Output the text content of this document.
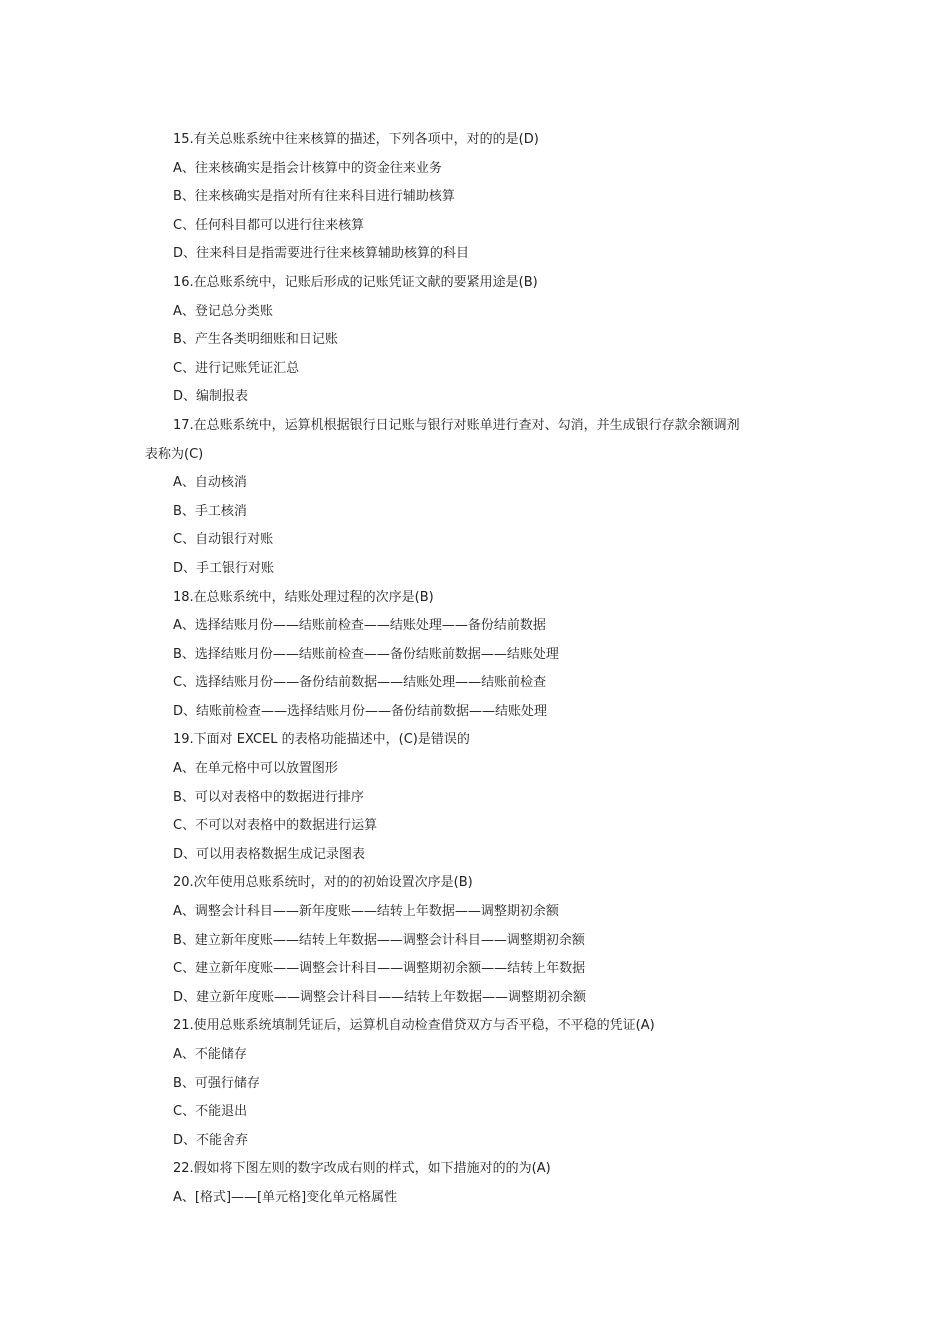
15.有关总账系统中往来核算的描述，下列各项中，对的的是(D)

A、往来核确实是指会计核算中的资金往来业务

B、往来核确实是指对所有往来科目进行辅助核算

C、任何科目都可以进行往来核算

D、往来科目是指需要进行往来核算辅助核算的科目

16.在总账系统中，记账后形成的记账凭证文献的要紧用途是(B)

A、登记总分类账

B、产生各类明细账和日记账

C、进行记账凭证汇总

D、编制报表

17.在总账系统中，运算机根据银行日记账与银行对账单进行查对、勾消，并生成银行存款余额调剂

表称为(C)

A、自动核消

B、手工核消

C、自动银行对账

D、手工银行对账

18.在总账系统中，结账处理过程的次序是(B)

A、选择结账月份——结账前检查——结账处理——备份结前数据

B、选择结账月份——结账前检查——备份结账前数据——结账处理

C、选择结账月份——备份结前数据——结账处理——结账前检查

D、结账前检查——选择结账月份——备份结前数据——结账处理

19.下面对 EXCEL 的表格功能描述中，(C)是错误的

A、在单元格中可以放置图形

B、可以对表格中的数据进行排序

C、不可以对表格中的数据进行运算

D、可以用表格数据生成记录图表

20.次年使用总账系统时，对的的初始设置次序是(B)

A、调整会计科目——新年度账——结转上年数据——调整期初余额

B、建立新年度账——结转上年数据——调整会计科目——调整期初余额

C、建立新年度账——调整会计科目——调整期初余额——结转上年数据

D、建立新年度账——调整会计科目——结转上年数据——调整期初余额

21.使用总账系统填制凭证后，运算机自动检查借贷双方与否平稳，不平稳的凭证(A)

A、不能储存

B、可强行储存

C、不能退出

D、不能舍弃

22.假如将下图左则的数字改成右则的样式，如下措施对的的为(A)

A、[格式]——[单元格]变化单元格属性
